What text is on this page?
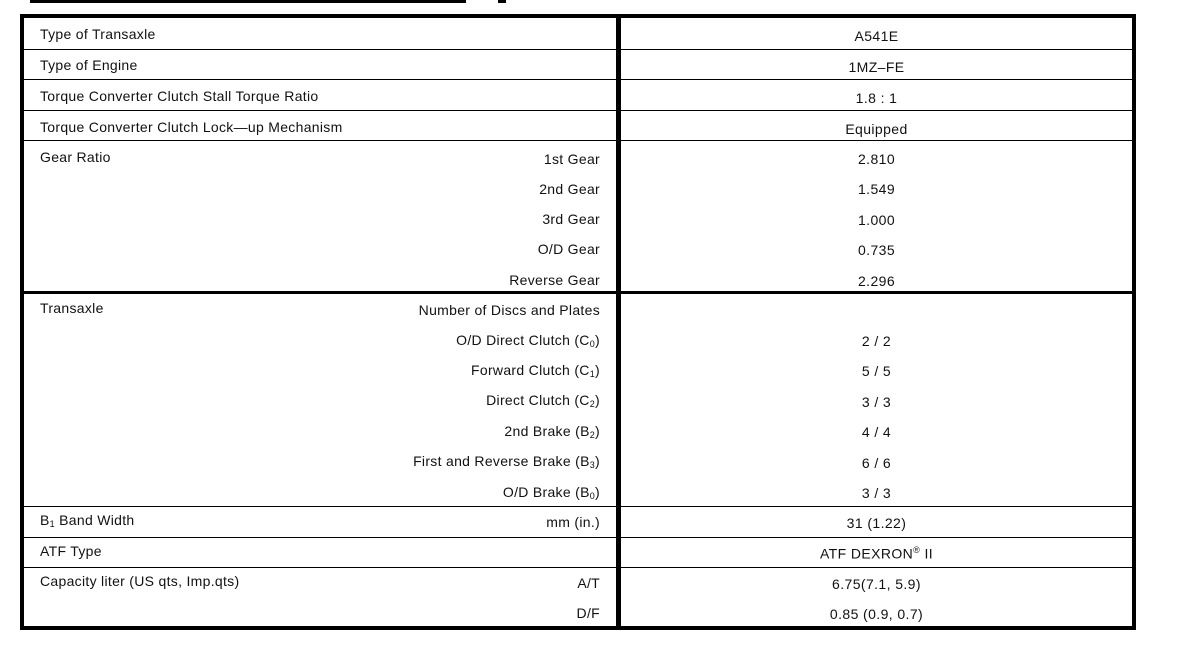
Type of Transaxle	A541E
Type of Engine	1MZ–FE
Torque Converter Clutch Stall Torque Ratio	1.8 : 1
Torque Converter Clutch Lock—up Mechanism	Equipped
Gear Ratio	1st Gear	2.810
2nd Gear	1.549
3rd Gear	1.000
O/D Gear	0.735
Reverse Gear	2.296
Transaxle	Number of Discs and Plates
O/D Direct Clutch $(C_0)$	2 / 2
Forward Clutch $(C_1)$	5 / 5
Direct Clutch $(C_2)$	3 / 3
2nd Brake $(B_2)$	4 / 4
First and Reverse Brake $(B_3)$	6 / 6
O/D Brake $(B_0)$	3 / 3
$B_1$ Band Width	mm (in.)	31 (1.22)
ATF Type	ATF DEXRON® II
Capacity liter (US qts, Imp.qts)	A/T	6.75(7.1, 5.9)
D/F	0.85 (0.9, 0.7)
